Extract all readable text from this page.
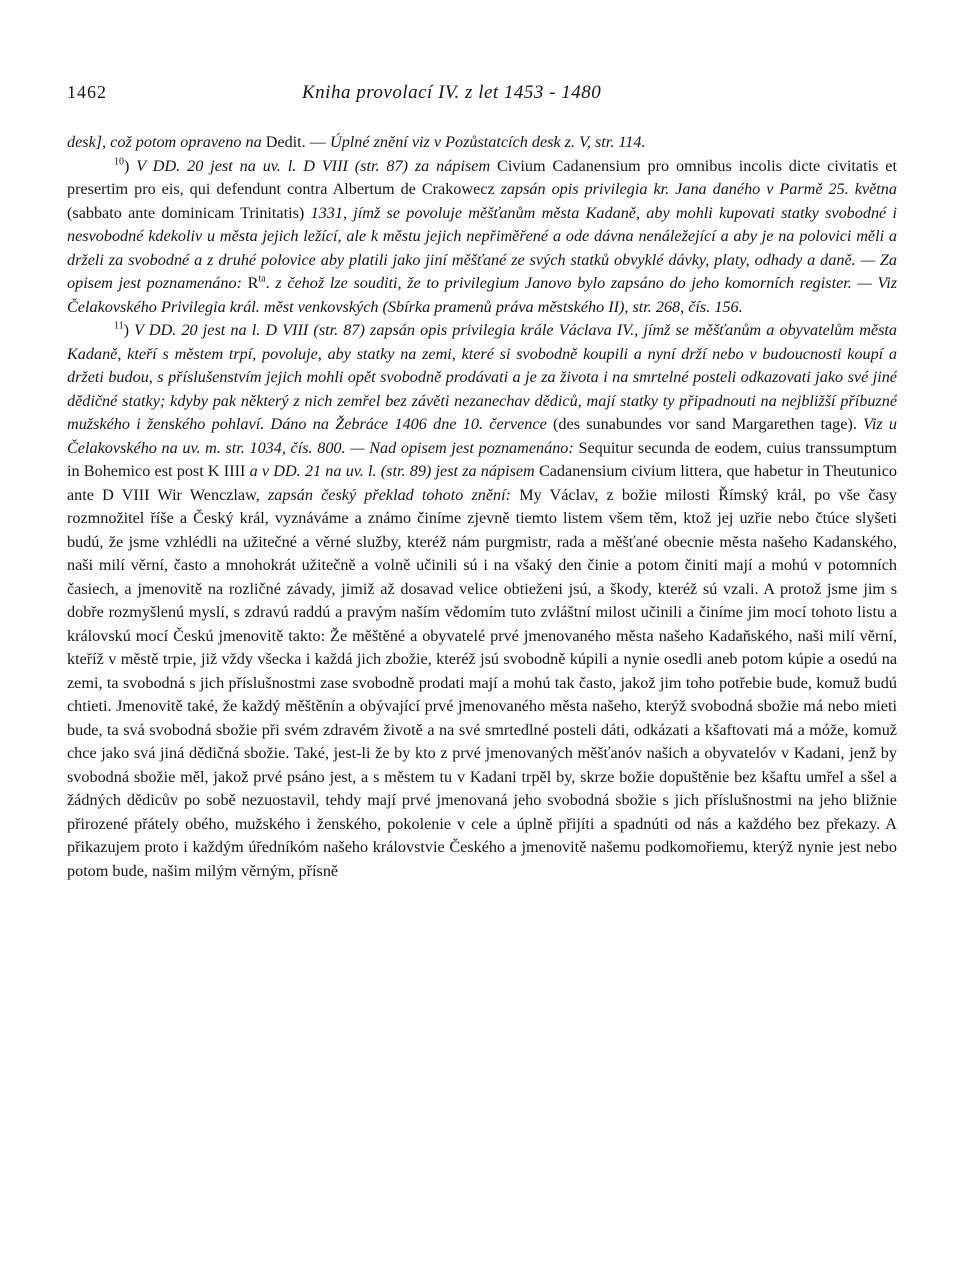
1462	Kniha provolací IV. z let 1453 - 1480

desk], což potom opraveno na Dedit. — Úplné znění viz v Pozůstatcích desk z. V, str. 114.

$^{10}$) V DD. 20 jest na uv. l. D VIII (str. 87) za nápisem Civium Cadanensium pro omnibus incolis dicte civitatis et presertim pro eis, qui defendunt contra Albertum de Crakowecz zapsán opis privilegia kr. Jana daného v Parmě 25. května (sabbato ante dominicam Trinitatis) 1331, jímž se povoluje měšťanům města Kadaně, aby mohli kupovati statky svobodné i nesvobodné kdekoliv u města jejich ležící, ale k městu jejich nepřiměřené a ode dávna nenáležející a aby je na polovici měli a drželi za svobodné a z druhé polovice aby platili jako jiní měšťané ze svých statků obvyklé dávky, platy, odhady a daně. — Za opisem jest poznamenáno: $R^{ta}$. z čehož lze souditi, že to privilegium Janovo bylo zapsáno do jeho komorních register. — Viz Čelakovského Privilegia král. měst venkovských (Sbírka pramenů práva městského II), str. 268, čís. 156.

$^{11}$) V DD. 20 jest na l. D VIII (str. 87) zapsán opis privilegia krále Václava IV., jímž se měšťanům a obyvatelům města Kadaně, kteří s městem trpí, povoluje, aby statky na zemi, které si svobodně koupili a nyní drží nebo v budoucnosti koupí a držeti budou, s příslušenstvím jejich mohli opět svobodně prodávati a je za života i na smrtelné posteli odkazovati jako své jiné dědičné statky; kdyby pak některý z nich zemřel bez závěti nezanechav dědiců, mají statky ty připadnouti na nejbližší příbuzné mužského i ženského pohlaví. Dáno na Žebráce 1406 dne 10. července (des sunabundes vor sand Margarethen tage). Viz u Čelakovského na uv. m. str. 1034, čís. 800. — Nad opisem jest poznamenáno: Sequitur secunda de eodem, cuius transsumptum in Bohemico est post K IIII a v DD. 21 na uv. l. (str. 89) jest za nápisem Cadanensium civium littera, que habetur in Theutunico ante D VIII Wir Wenczlaw, zapsán český překlad tohoto znění: My Václav, z božie milosti Římský král, po vše časy rozmnožitel říše a Český král, vyznáváme a známo činíme zjevně tiemto listem všem těm, ktož jej uzřie nebo čtúce slyšeti budú, že jsme vzhlédli na užitečné a věrné služby, kteréž nám purgmistr, rada a měšťané obecnie města našeho Kadanského, naši milí věrní, často a mnohokrát užitečně a volně učinili sú i na všaký den činie a potom činiti mají a mohú v potomních časiech, a jmenovitě na rozličné závady, jimiž až dosavad velice obtieženi jsú, a škody, kteréž sú vzali. A protož jsme jim s dobře rozmyšlenú myslí, s zdravú raddú a pravým naším vědomím tuto zvláštní milost učinili a činíme jim mocí tohoto listu a královskú mocí Českú jmenovitě takto: Že měštěné a obyvatelé prvé jmenovaného města našeho Kadaňského, naši milí věrní, kteříž v městě trpie, již vždy všecka i každá jich zbožie, kteréž jsú svobodně kúpili a nynie osedli aneb potom kúpie a osedú na zemi, ta svobodná s jich příslušnostmi zase svobodně prodati mají a mohú tak často, jakož jim toho potřebie bude, komuž budú chtieti. Jmenovitě také, že každý měštěnín a obývající prvé jmenovaného města našeho, kterýž svobodná sbožie má nebo mieti bude, ta svá svobodná sbožie při svém zdravém životě a na své smrtedlné posteli dáti, odkázati a kšaftovati má a móže, komuž chce jako svá jiná dědičná sbožie. Také, jest-li že by kto z prvé jmenovaných měšťanóv našich a obyvatelóv v Kadani, jenž by svobodná sbožie měl, jakož prvé psáno jest, a s městem tu v Kadani trpěl by, skrze božie dopuštěnie bez kšaftu umřel a sšel a žádných dědicův po sobě nezuostavil, tehdy mají prvé jmenovaná jeho svobodná sbožie s jich příslušnostmi na jeho bližnie přirozené přátely obého, mužského i ženského, pokolenie v cele a úplně přijíti a spadnúti od nás a každého bez překazy. A přikazujem proto i každým úředníkóm našeho královstvie Českého a jmenovitě našemu podkomořiemu, kterýž nynie jest nebo potom bude, našim milým věrným, přísně
